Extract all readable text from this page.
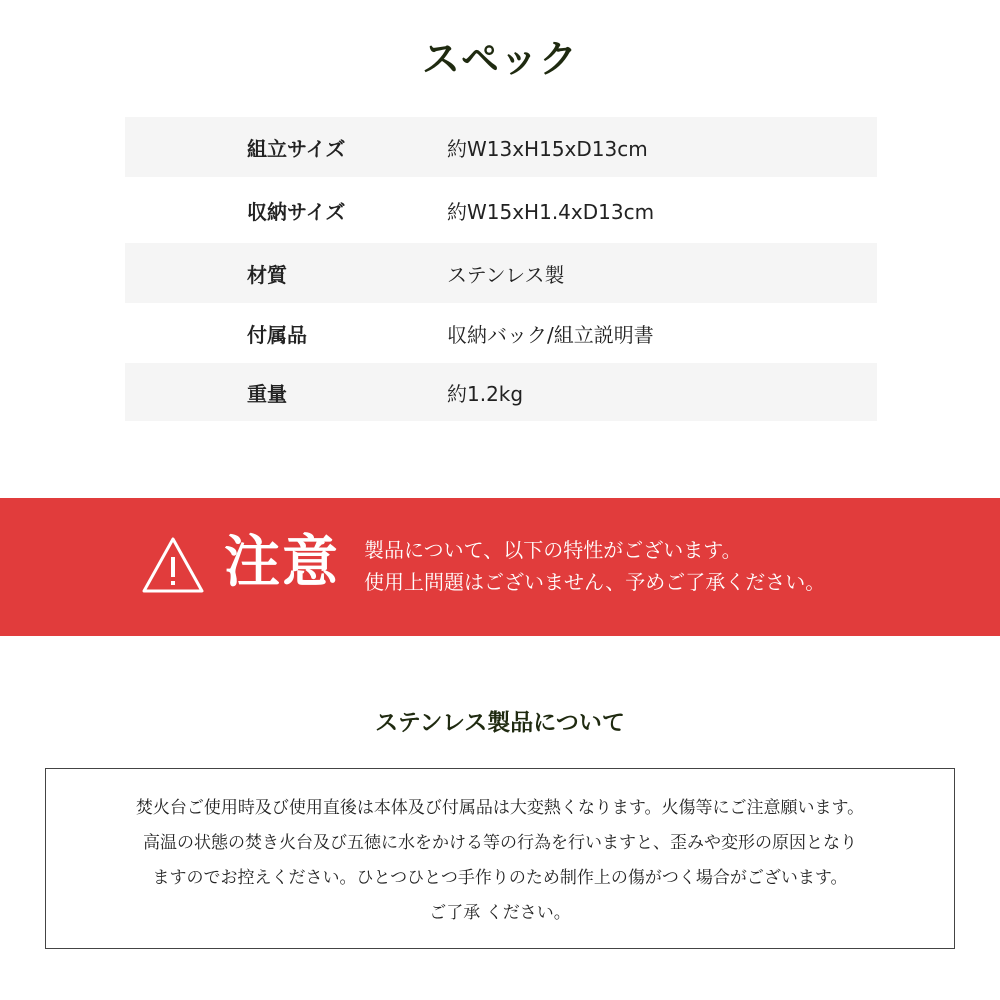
スペック
組立サイズ	約W13xH15xD13cm
収納サイズ	約W15xH1.4xD13cm
材質	ステンレス製
付属品	収納バック/組立説明書
重量	約1.2kg
注意 製品について、以下の特性がございます。
使用上問題はございません、予めご了承ください。
ステンレス製品について
焚火台ご使用時及び使用直後は本体及び付属品は大変熱くなります。火傷等にご注意願います。
高温の状態の焚き火台及び五徳に水をかける等の行為を行いますと、歪みや変形の原因となり
ますのでお控えください。ひとつひとつ手作りのため制作上の傷がつく場合がございます。
ご了承 ください。
